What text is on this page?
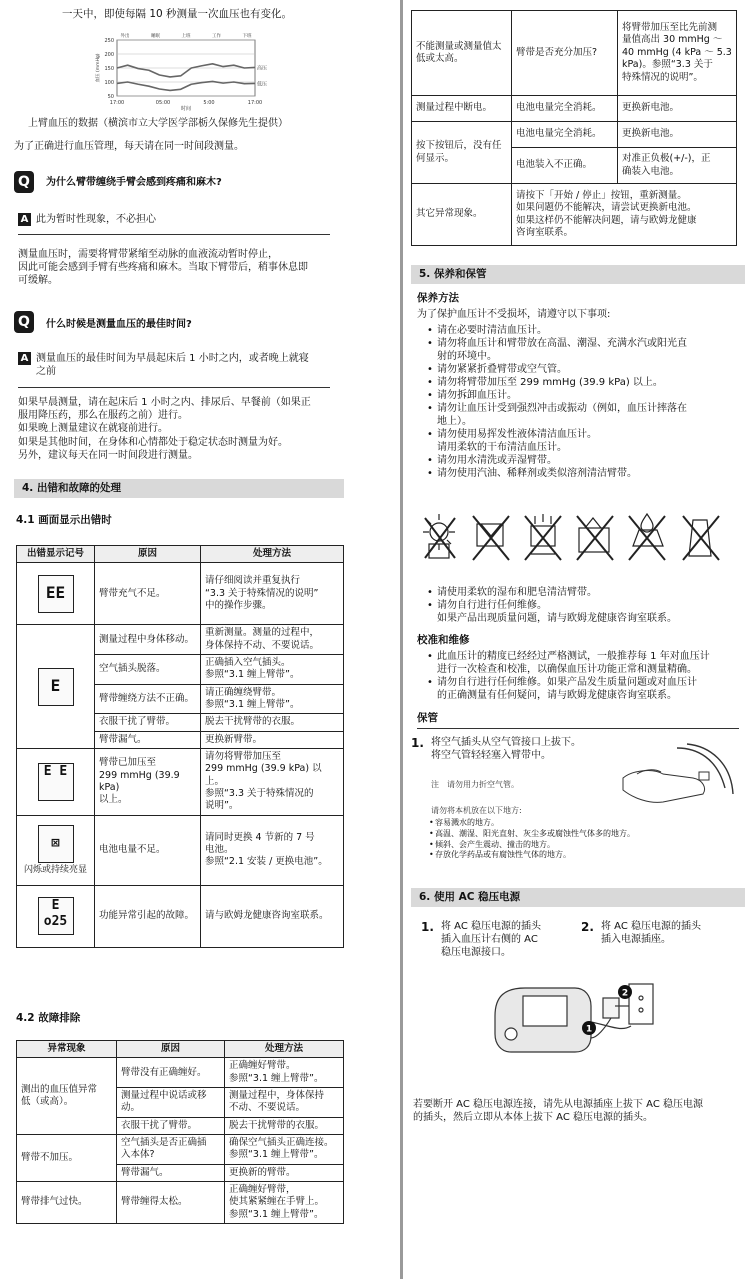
一天中，即使每隔 10 秒测量一次血压也有变化。
50
100
150
200
250
17:00	05:00	5:00	17:00
时间
血压 (mmHg)
外出	睡眠	上班	工作	下班
高压
低压
上臂血压的数据（横滨市立大学医学部栃久保修先生提供）
为了正确进行血压管理，每天请在同一时间段测量。
Q	为什么臂带缠绕手臂会感到疼痛和麻木?
A 此为暂时性现象，不必担心
测量血压时，需要将臂带紧缩至动脉的血液流动暂时停止，
因此可能会感到手臂有些疼痛和麻木。当取下臂带后，稍事休息即
可缓解。
Q	什么时候是测量血压的最佳时间?
A 测量血压的最佳时间为早晨起床后 1 小时之内，或者晚上就寝
之前
如果早晨测量，请在起床后 1 小时之内、排尿后、早餐前（如果正
服用降压药，那么在服药之前）进行。
如果晚上测量建议在就寝前进行。
如果是其他时间，在身体和心情都处于稳定状态时测量为好。
另外，建议每天在同一时间段进行测量。
4. 出错和故障的处理
4.1 画面显示出错时
出错显示记号	原因	处理方法

EE	臂带充气不足。	请仔细阅读并重复执行
“3.3 关于特殊情况的说明”
中的操作步骤。

E	测量过程中身体移动。	重新测量。测量的过程中，
身体保持不动、不要说话。
	空气插头脱落。	正确插入空气插头。
参照“3.1 缠上臂带”。
	臂带缠绕方法不正确。	请正确缠绕臂带。
参照“3.1 缠上臂带”。
	衣服干扰了臂带。	脱去干扰臂带的衣服。
	臂带漏气。	更换新臂带。

E E	臂带已加压至
299 mmHg (39.9 kPa)
以上。	请勿将臂带加压至
299 mmHg (39.9 kPa) 以上。
参照“3.3 关于特殊情况的
说明”。

⊠
闪烁或持续亮显	电池电量不足。	请同时更换 4 节新的 7 号
电池。
参照“2.1 安装 / 更换电池”。

E
o25	功能异常引起的故障。	请与欧姆龙健康咨询室联系。
4.2 故障排除
异常现象	原因	处理方法
测出的血压值异常
低（或高）。	臂带没有正确缠好。	正确缠好臂带。
参照“3.1 缠上臂带”。
	测量过程中说话或移
动。	测量过程中，身体保持
不动、不要说话。
	衣服干扰了臂带。	脱去干扰臂带的衣服。
臂带不加压。	空气插头是否正确插
入本体?	确保空气插头正确连接。
参照“3.1 缠上臂带”。
	臂带漏气。	更换新的臂带。
臂带排气过快。	臂带缠得太松。	正确缠好臂带，
使其紧紧缠在手臂上。
参照“3.1 缠上臂带”。
不能测量或测量值太
低或太高。	臂带是否充分加压?	将臂带加压至比先前测
量值高出 30 mmHg ～
40 mmHg (4 kPa ～ 5.3
kPa)。参照“3.3 关于
特殊情况的说明”。
测量过程中断电。	电池电量完全消耗。	更换新电池。
按下按钮后，没有任
何显示。	电池电量完全消耗。	更换新电池。
	电池装入不正确。	对准正负极(+/-)，正
确装入电池。
其它异常现象。	请按下「开始 / 停止」按钮，重新测量。
如果问题仍不能解决，请尝试更换新电池。
如果这样仍不能解决问题，请与欧姆龙健康
咨询室联系。	
5. 保养和保管
保养方法
为了保护血压计不受损坏，请遵守以下事项:
• 请在必要时清洁血压计。
• 请勿将血压计和臂带放在高温、潮湿、充满水汽或阳光直
射的环境中。
• 请勿紧紧折叠臂带或空气管。
• 请勿将臂带加压至 299 mmHg (39.9 kPa) 以上。
• 请勿拆卸血压计。
• 请勿让血压计受到强烈冲击或振动（例如，血压计摔落在
地上）。
• 请勿使用易挥发性液体清洁血压计。
请用柔软的干布清洁血压计。
• 请勿用水清洗或弄湿臂带。
• 请勿使用汽油、稀释剂或类似溶剂清洁臂带。
• 请使用柔软的湿布和肥皂清洁臂带。
• 请勿自行进行任何维修。
如果产品出现质量问题，请与欧姆龙健康咨询室联系。
校准和维修
• 此血压计的精度已经经过严格测试，一般推荐每 1 年对血压计
进行一次检查和校准，以确保血压计功能正常和测量精确。
• 请勿自行进行任何维修。如果产品发生质量问题或对血压计
的正确测量有任何疑问，请与欧姆龙健康咨询室联系。
保管
1. 将空气插头从空气管接口上拔下。
将空气管轻轻塞入臂带中。
注　请勿用力折空气管。
请勿将本机放在以下地方:
• 容易溅水的地方。
• 高温、潮湿、阳光直射、灰尘多或腐蚀性气体多的地方。
• 倾斜、会产生震动、撞击的地方。
• 存放化学药品或有腐蚀性气体的地方。
6. 使用 AC 稳压电源
1. 将 AC 稳压电源的插头
插入血压计右侧的 AC
稳压电源接口。
2. 将 AC 稳压电源的插头
插入电源插座。
1
2
若要断开 AC 稳压电源连接，请先从电源插座上拔下 AC 稳压电源
的插头，然后立即从本体上拔下 AC 稳压电源的插头。
